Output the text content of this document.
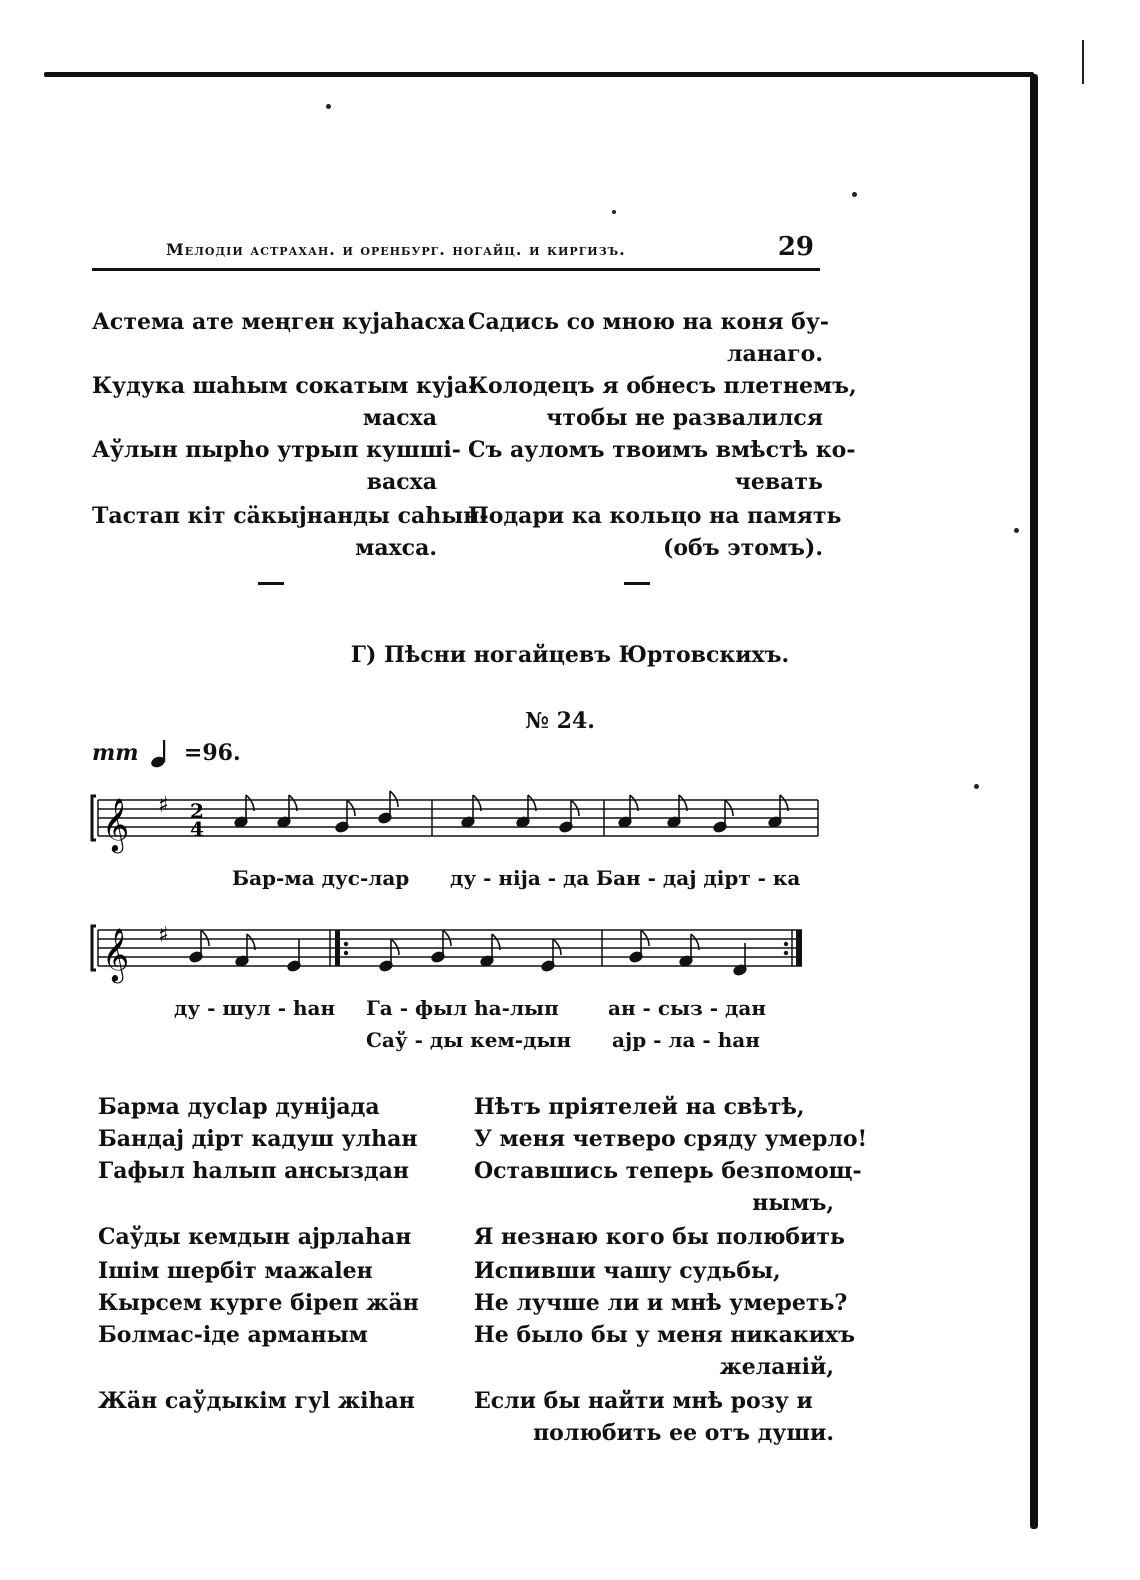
Мелодiи астрахан. и оренбург. ногайц. и киргизъ.	29
Астема ате меңген кујаhасха
Кудука шаhым сокатым кујa-
масха
Аўлын пырhо утрып кушшi-
васха
Тастап кiт сäкыјнанды саhын-
махса.
Садись со мною на коня бу-
ланаго.
Колодецъ я обнесъ плетнемъ,
чтобы не развалился
Съ ауломъ твоимъ вмѣстѣ ко-
чевать
Подари ка кольцо на память
(объ этомъ).
Г) Пѣсни ногайцевъ Юртовскихъ.
№ 24.
mm =96.
𝄞 ♯ 2
4
Бар-ма дус-лар ду - ніја - да Бан - дај дiрт - ка
𝄞 ♯
ду - шул - hан Га - фыл hа-лып ан - сыз - дан
Саў - ды кем-дын ајр - ла - hан
Барма дусlар дунiјада
Бандај дiрт кадуш улhан
Гафыл hалып ансыздан
Саўды кемдын ајрлаhан
Iшiм шербiт мажаlен
Кырсем курге бiреп жäн
Болмас-iде арманым
Жäн саўдыкiм гуl жihан
Нѣтъ прiятелей на свѣтѣ,
У меня четверо сряду умерло!
Оставшись теперь безпомощ-
нымъ,
Я незнаю кого бы полюбить
Испивши чашу судьбы,
Не лучше ли и мнѣ умереть?
Не было бы у меня никакихъ
желанiй,
Если бы найти мнѣ розу и
полюбить ее отъ души.
